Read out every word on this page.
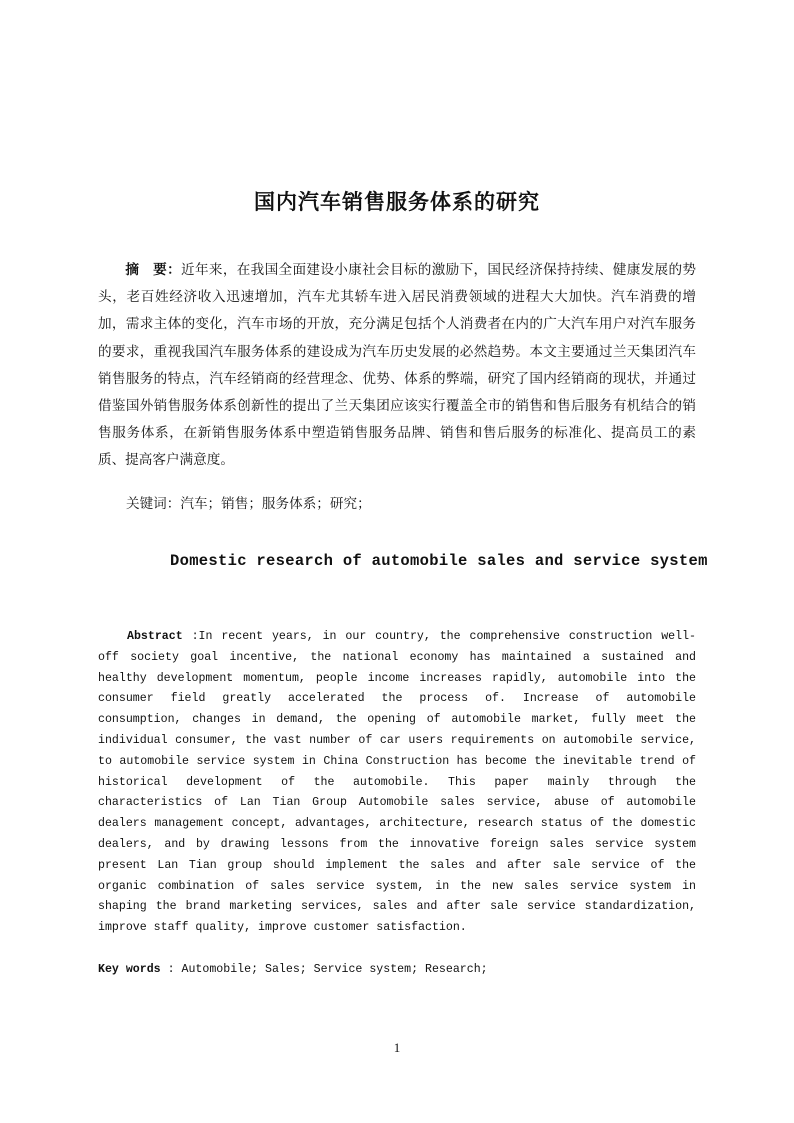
国内汽车销售服务体系的研究

摘　要：近年来，在我国全面建设小康社会目标的激励下，国民经济保持持续、健康发展的势头，老百姓经济收入迅速增加，汽车尤其轿车进入居民消费领域的进程大大加快。汽车消费的增加，需求主体的变化，汽车市场的开放，充分满足包括个人消费者在内的广大汽车用户对汽车服务的要求，重视我国汽车服务体系的建设成为汽车历史发展的必然趋势。本文主要通过兰天集团汽车销售服务的特点，汽车经销商的经营理念、优势、体系的弊端，研究了国内经销商的现状，并通过借鉴国外销售服务体系创新性的提出了兰天集团应该实行覆盖全市的销售和售后服务有机结合的销售服务体系，在新销售服务体系中塑造销售服务品牌、销售和售后服务的标准化、提高员工的素质、提高客户满意度。

关键词：汽车；销售；服务体系；研究；

Domestic research of automobile sales and service system

Abstract :In recent years, in our country, the comprehensive construction well-off society goal incentive, the national economy has maintained a sustained and healthy development momentum, people income increases rapidly, automobile into the consumer field greatly accelerated the process of. Increase of automobile consumption, changes in demand, the opening of automobile market, fully meet the individual consumer, the vast number of car users requirements on automobile service, to automobile service system in China Construction has become the inevitable trend of historical development of the automobile. This paper mainly through the characteristics of Lan Tian Group Automobile sales service, abuse of automobile dealers management concept, advantages, architecture, research status of the domestic dealers, and by drawing lessons from the innovative foreign sales service system present Lan Tian group should implement the sales and after sale service of the organic combination of sales service system, in the new sales service system in shaping the brand marketing services, sales and after sale service standardization, improve staff quality, improve customer satisfaction.

Key words : Automobile; Sales; Service system; Research;

1
